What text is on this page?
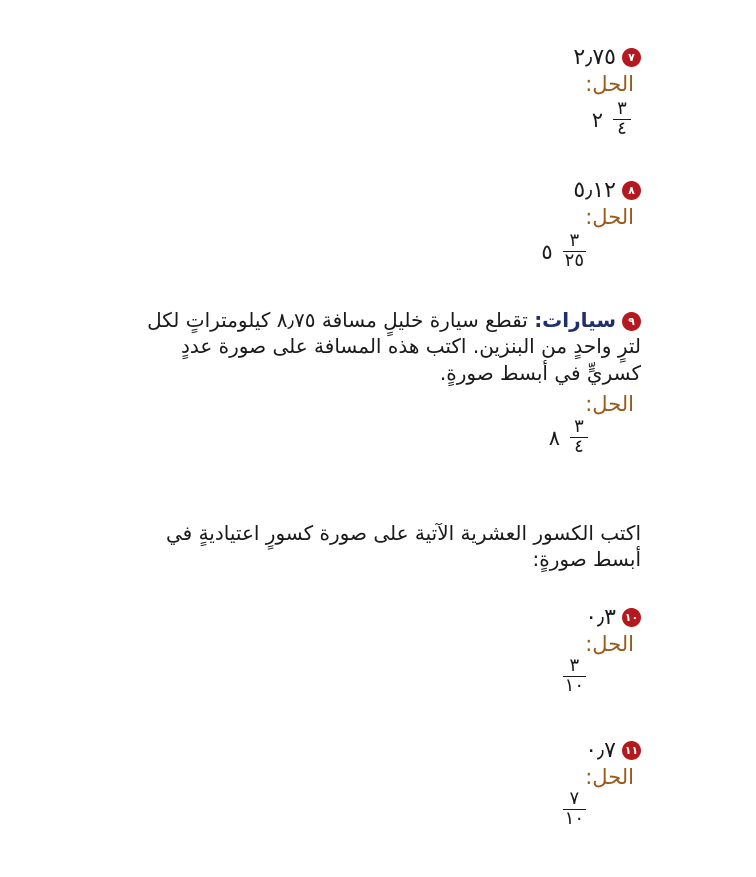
٧
٢٫٧٥
الحل:
$\frac{٣}{٤}$
٢
٨
٥٫١٢
الحل:
$\frac{٣}{٢٥}$
٥
٩سيارات: تقطع سيارة خليلٍ مسافة ٨٫٧٥ كيلومتراتٍ لكل لترٍ واحدٍ من البنزين. اكتب هذه المسافة على صورة عددٍ كسريٍّ في أبسط صورةٍ.
الحل:
$\frac{٣}{٤}$
٨
اكتب الكسور العشرية الآتية على صورة كسورٍ اعتياديةٍ في أبسط صورةٍ:
١٠
٠٫٣
الحل:
$\frac{٣}{١٠}$
١١
٠٫٧
الحل:
$\frac{٧}{١٠}$
